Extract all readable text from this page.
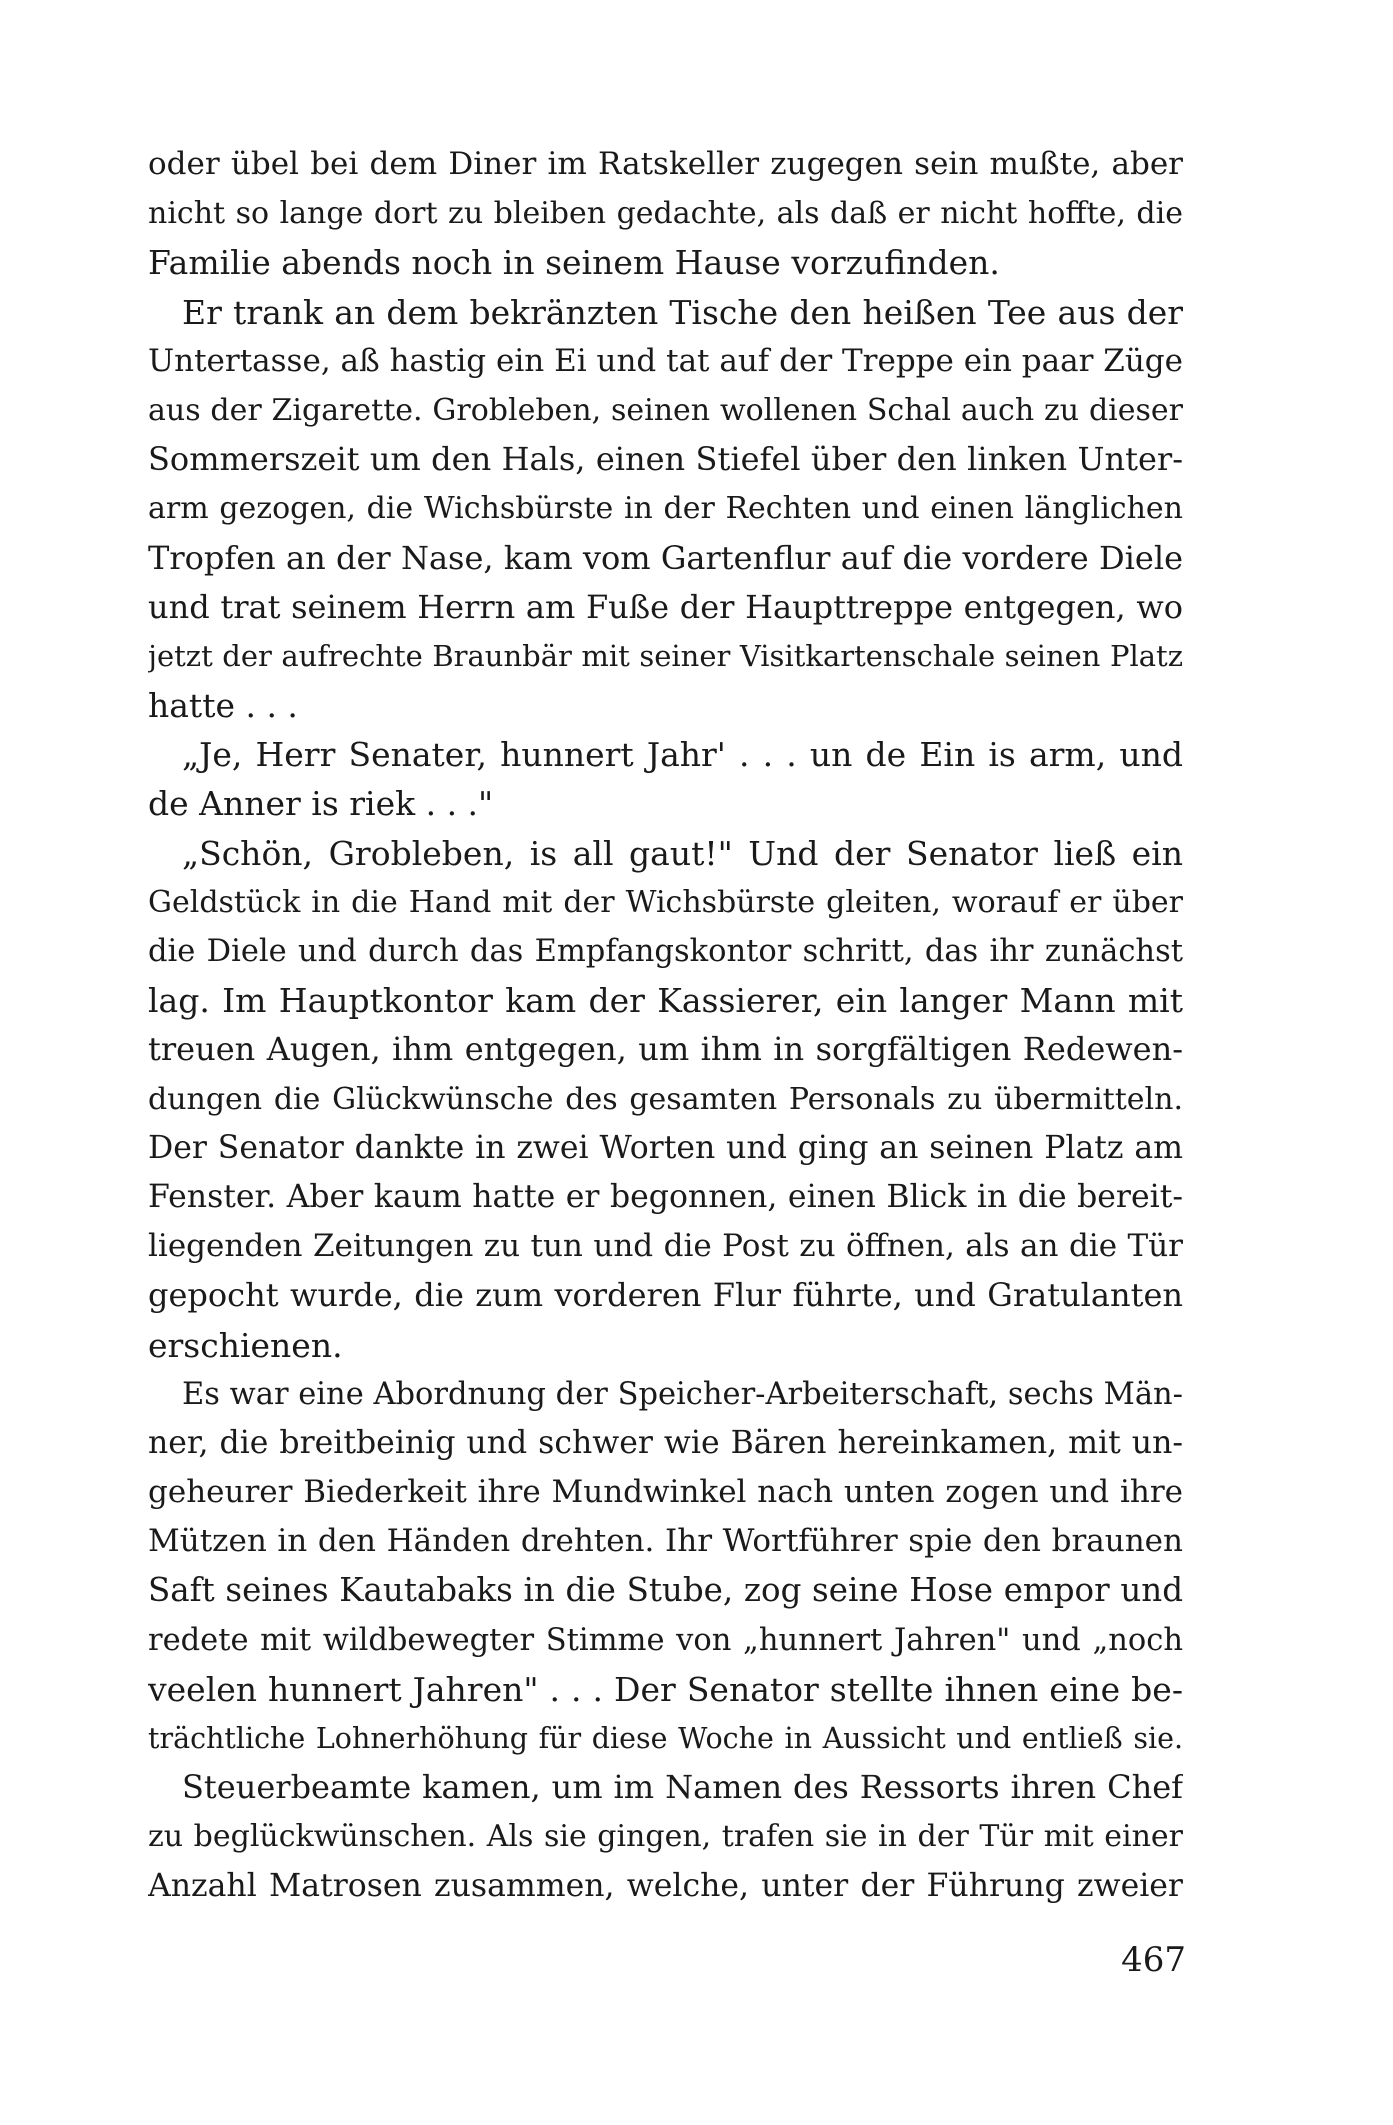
oder übel bei dem Diner im Ratskeller zugegen sein mußte, aber
nicht so lange dort zu bleiben gedachte, als daß er nicht hoffte, die
Familie abends noch in seinem Hause vorzufinden.
Er trank an dem bekränzten Tische den heißen Tee aus der
Untertasse, aß hastig ein Ei und tat auf der Treppe ein paar Züge
aus der Zigarette. Grobleben, seinen wollenen Schal auch zu dieser
Sommerszeit um den Hals, einen Stiefel über den linken Unter-
arm gezogen, die Wichsbürste in der Rechten und einen länglichen
Tropfen an der Nase, kam vom Gartenflur auf die vordere Diele
und trat seinem Herrn am Fuße der Haupttreppe entgegen, wo
jetzt der aufrechte Braunbär mit seiner Visitkartenschale seinen Platz
hatte . . .
„Je, Herr Senater, hunnert Jahr' . . . un de Ein is arm, und
de Anner is riek . . ."
„Schön, Grobleben, is all gaut!" Und der Senator ließ ein
Geldstück in die Hand mit der Wichsbürste gleiten, worauf er über
die Diele und durch das Empfangskontor schritt, das ihr zunächst
lag. Im Hauptkontor kam der Kassierer, ein langer Mann mit
treuen Augen, ihm entgegen, um ihm in sorgfältigen Redewen-
dungen die Glückwünsche des gesamten Personals zu übermitteln.
Der Senator dankte in zwei Worten und ging an seinen Platz am
Fenster. Aber kaum hatte er begonnen, einen Blick in die bereit-
liegenden Zeitungen zu tun und die Post zu öffnen, als an die Tür
gepocht wurde, die zum vorderen Flur führte, und Gratulanten
erschienen.
Es war eine Abordnung der Speicher-Arbeiterschaft, sechs Män-
ner, die breitbeinig und schwer wie Bären hereinkamen, mit un-
geheurer Biederkeit ihre Mundwinkel nach unten zogen und ihre
Mützen in den Händen drehten. Ihr Wortführer spie den braunen
Saft seines Kautabaks in die Stube, zog seine Hose empor und
redete mit wildbewegter Stimme von „hunnert Jahren" und „noch
veelen hunnert Jahren" . . . Der Senator stellte ihnen eine be-
trächtliche Lohnerhöhung für diese Woche in Aussicht und entließ sie.
Steuerbeamte kamen, um im Namen des Ressorts ihren Chef
zu beglückwünschen. Als sie gingen, trafen sie in der Tür mit einer
Anzahl Matrosen zusammen, welche, unter der Führung zweier
467
